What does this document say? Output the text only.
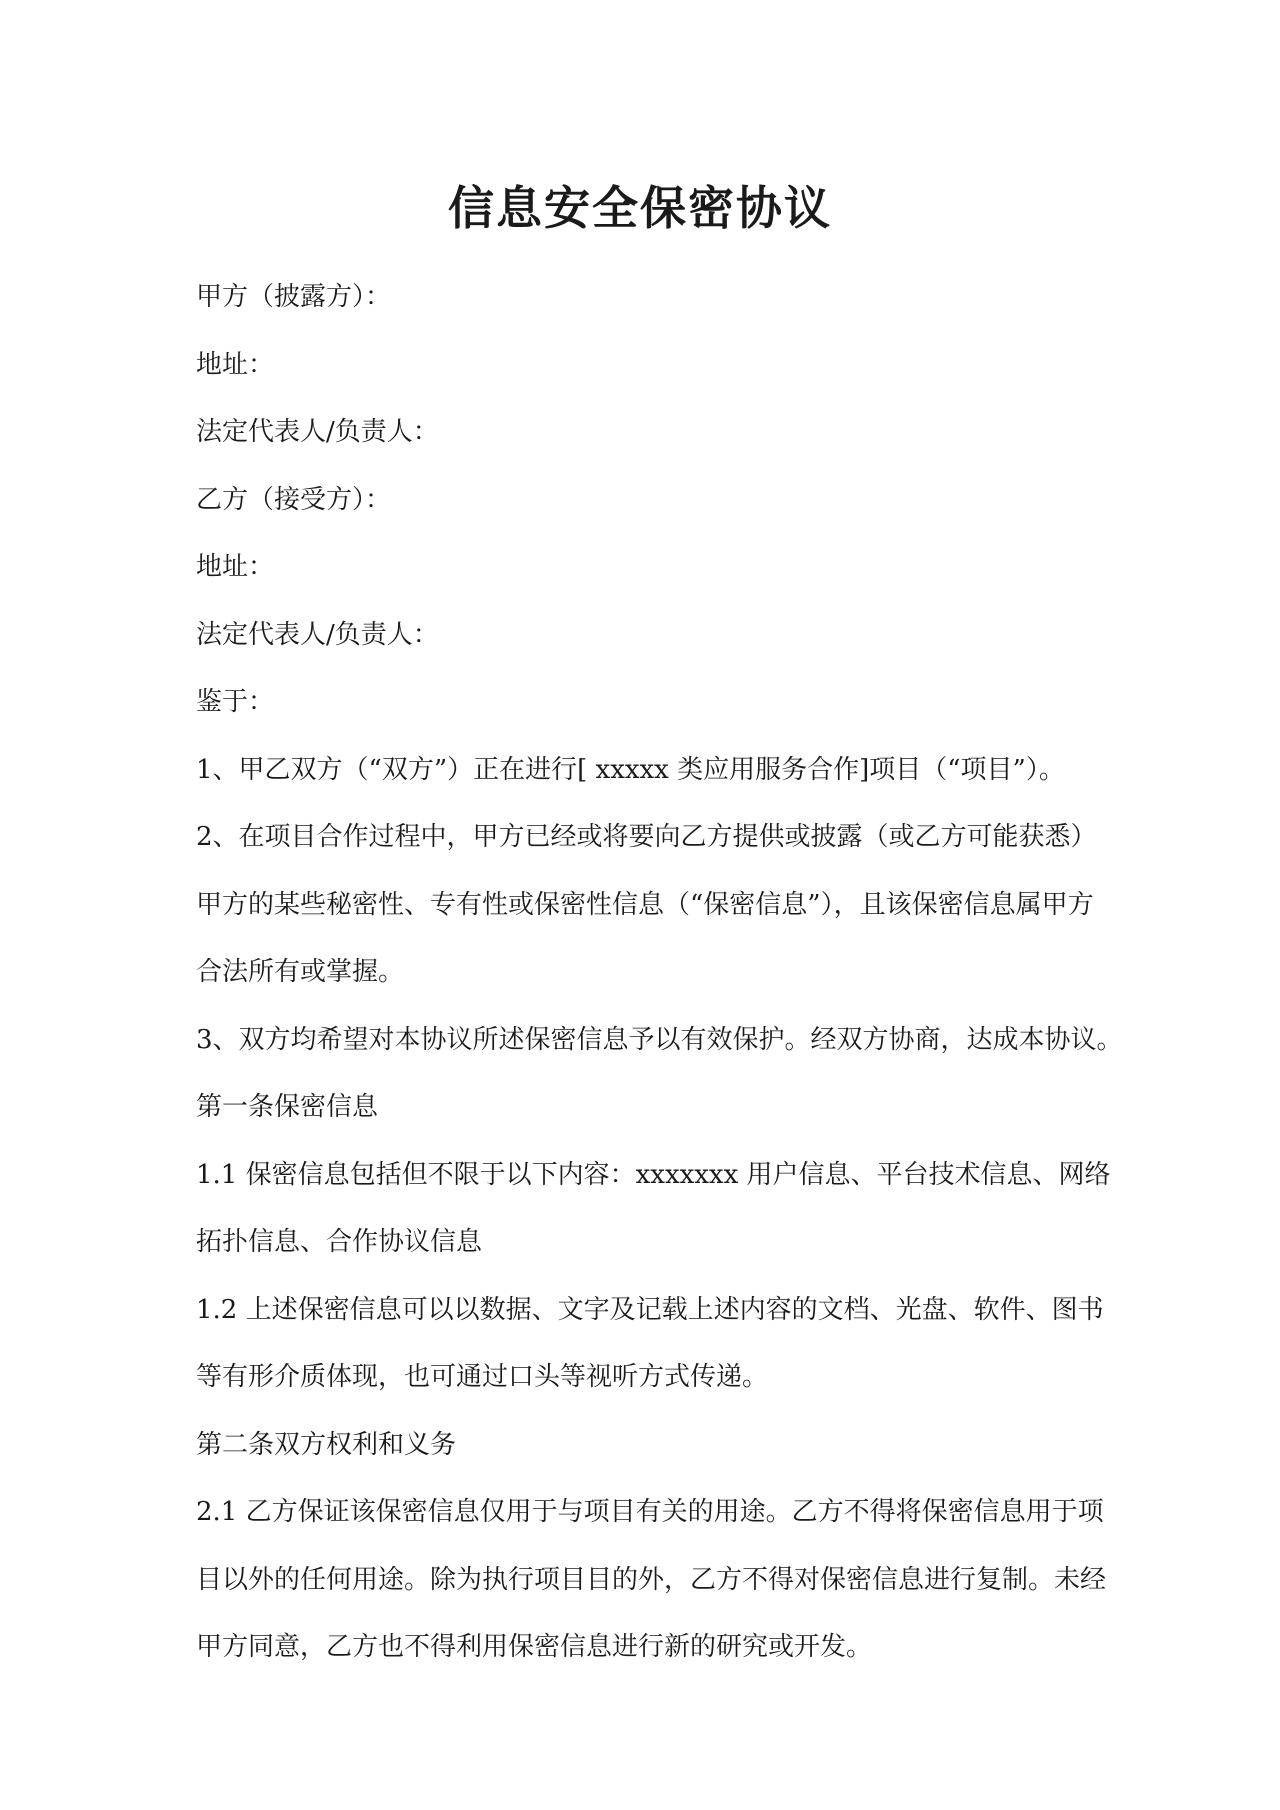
信息安全保密协议

甲方（披露方）：

地址：

法定代表人/负责人：

乙方（接受方）：

地址：

法定代表人/负责人：

鉴于：

1、甲乙双方（“双方”）正在进行[ xxxxx 类应用服务合作]项目（“项目”）。

2、在项目合作过程中，甲方已经或将要向乙方提供或披露（或乙方可能获悉）

甲方的某些秘密性、专有性或保密性信息（“保密信息”），且该保密信息属甲方

合法所有或掌握。

3、双方均希望对本协议所述保密信息予以有效保护。经双方协商，达成本协议。

第一条保密信息

1.1 保密信息包括但不限于以下内容：xxxxxxx 用户信息、平台技术信息、网络

拓扑信息、合作协议信息

1.2 上述保密信息可以以数据、文字及记载上述内容的文档、光盘、软件、图书

等有形介质体现，也可通过口头等视听方式传递。

第二条双方权利和义务

2.1 乙方保证该保密信息仅用于与项目有关的用途。乙方不得将保密信息用于项

目以外的任何用途。除为执行项目目的外，乙方不得对保密信息进行复制。未经

甲方同意，乙方也不得利用保密信息进行新的研究或开发。
